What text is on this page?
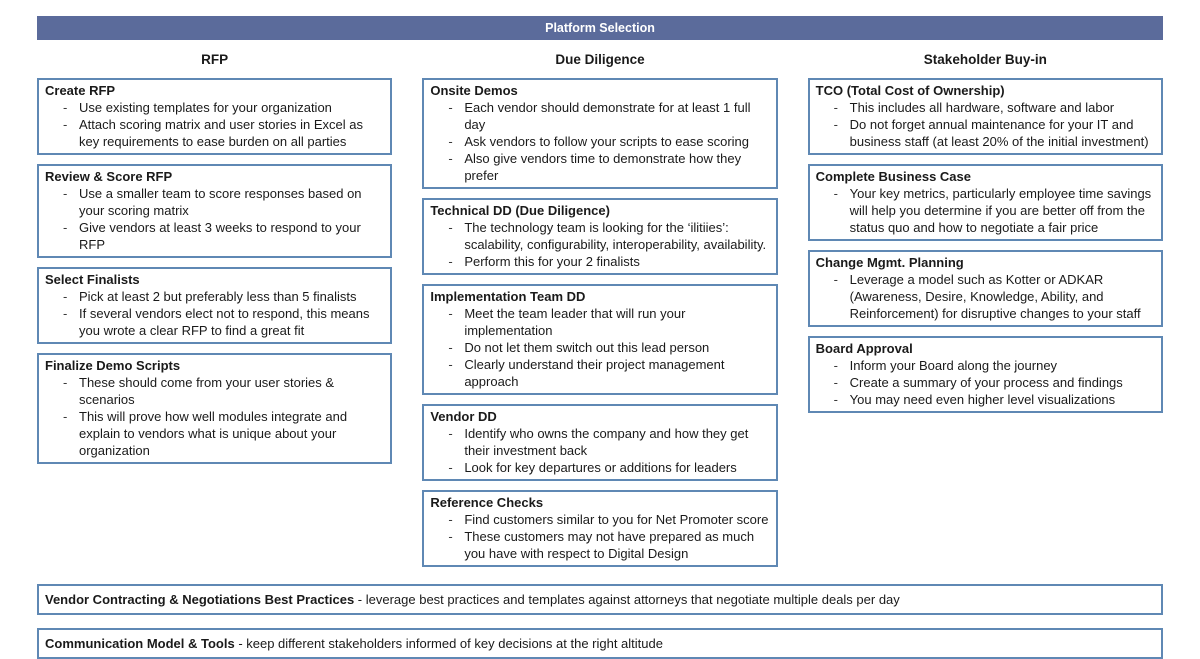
Platform Selection
RFP
Create RFP
- Use existing templates for your organization
- Attach scoring matrix and user stories in Excel as key requirements to ease burden on all parties
Review & Score RFP
- Use a smaller team to score responses based on your scoring matrix
- Give vendors at least 3 weeks to respond to your RFP
Select Finalists
- Pick at least 2 but preferably less than 5 finalists
- If several vendors elect not to respond, this means you wrote a clear RFP to find a great fit
Finalize Demo Scripts
- These should come from your user stories & scenarios
- This will prove how well modules integrate and explain to vendors what is unique about your organization
Due Diligence
Onsite Demos
- Each vendor should demonstrate for at least 1 full day
- Ask vendors to follow your scripts to ease scoring
- Also give vendors time to demonstrate how they prefer
Technical DD (Due Diligence)
- The technology team is looking for the ‘ilitiies’: scalability, configurability, interoperability, availability.
- Perform this for your 2 finalists
Implementation Team DD
- Meet the team leader that will run your implementation
- Do not let them switch out this lead person
- Clearly understand their project management approach
Vendor DD
- Identify who owns the company and how they get their investment back
- Look for key departures or additions for leaders
Reference Checks
- Find customers similar to you for Net Promoter score
- These customers may not have prepared as much you have with respect to Digital Design
Stakeholder Buy-in
TCO (Total Cost of Ownership)
- This includes all hardware, software and labor
- Do not forget annual maintenance for your IT and business staff (at least 20% of the initial investment)
Complete Business Case
- Your key metrics, particularly employee time savings will help you determine if you are better off from the status quo and how to negotiate a fair price
Change Mgmt. Planning
- Leverage a model such as Kotter or ADKAR (Awareness, Desire, Knowledge, Ability, and Reinforcement) for disruptive changes to your staff
Board Approval
- Inform your Board along the journey
- Create a summary of your process and findings
- You may need even higher level visualizations
Vendor Contracting & Negotiations Best Practices - leverage best practices and templates against attorneys that negotiate multiple deals per day
Communication Model & Tools - keep different stakeholders informed of key decisions at the right altitude
